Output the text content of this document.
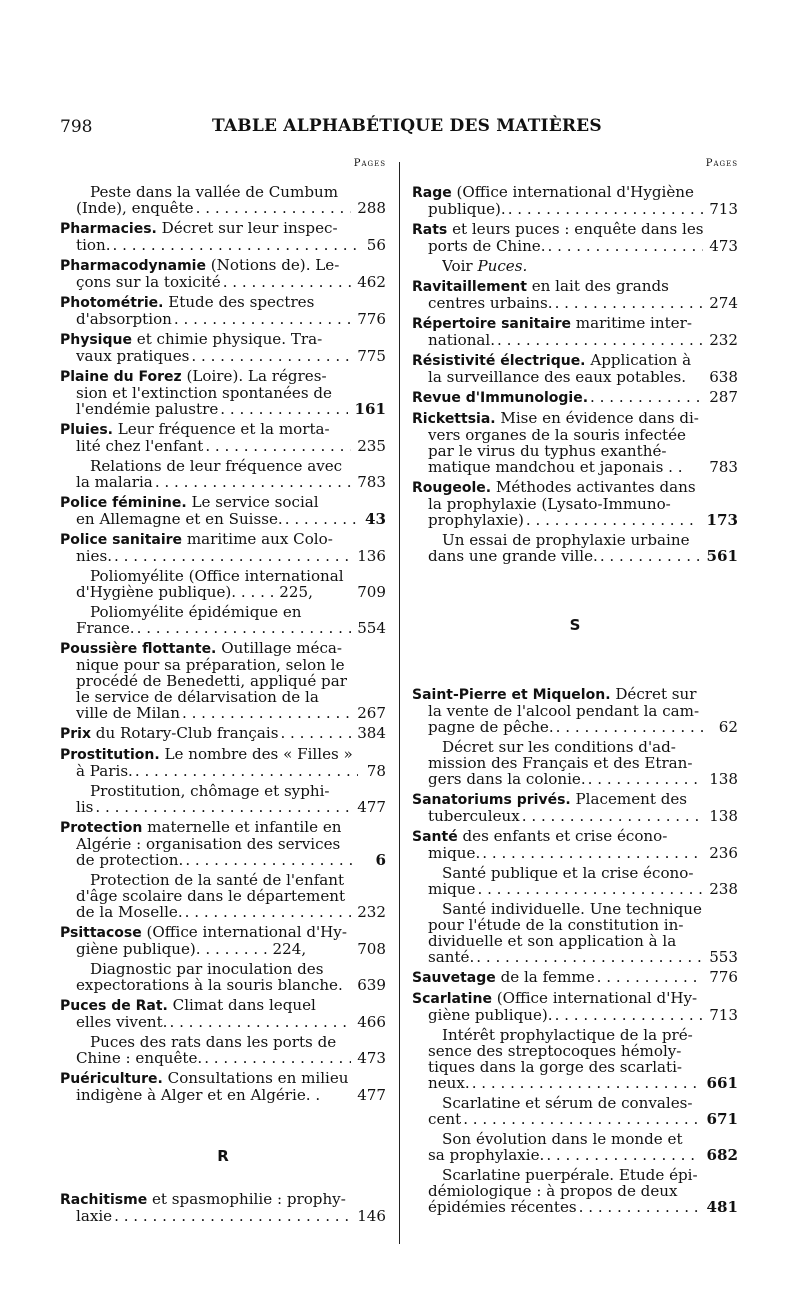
798	TABLE ALPHABÉTIQUE DES MATIÈRES
Pages
Peste dans la vallée de Cumbum
(Inde), enquête . . .	288
Pharmacies. Décret sur leur inspec-
tion. . . .	56
Pharmacodynamie (Notions de). Le-
çons sur la toxicité . . .	462
Photométrie. Etude des spectres
d'absorption . . .	776
Physique et chimie physique. Tra-
vaux pratiques . . .	775
Plaine du Forez (Loire). La régres-
sion et l'extinction spontanées de
l'endémie palustre . . .	161
Pluies. Leur fréquence et la morta-
lité chez l'enfant . . .	235
Relations de leur fréquence avec
la malaria . . .	783
Police féminine. Le service social
en Allemagne et en Suisse. . . .	43
Police sanitaire maritime aux Colo-
nies. . . .	136
Poliomyélite (Office international
d'Hygiène publique). . . . . 225,	709
Poliomyélite épidémique en
France. . . .	554
Poussière flottante. Outillage méca-
nique pour sa préparation, selon le
procédé de Benedetti, appliqué par
le service de délarvisation de la
ville de Milan . . .	267
Prix du Rotary-Club français . . .	384
Prostitution. Le nombre des « Filles »
à Paris. . . .	78
Prostitution, chômage et syphi-
lis . . .	477
Protection maternelle et infantile en
Algérie : organisation des services
de protection. . . .	6
Protection de la santé de l'enfant
d'âge scolaire dans le département
de la Moselle. . . .	232
Psittacose (Office international d'Hy-
giène publique). . . . . . . . 224,	708
Diagnostic par inoculation des
expectorations à la souris blanche. 639
Puces de Rat. Climat dans lequel
elles vivent. . . .	466
Puces des rats dans les ports de
Chine : enquête. . . .	473
Puériculture. Consultations en milieu
indigène à Alger et en Algérie. . 477
R
Rachitisme et spasmophilie : prophy-
laxie . . .	146
Pages
Rage (Office international d'Hygiène
publique). . . .	713
Rats et leurs puces : enquête dans les
ports de Chine. . . .	473
Voir Puces.
Ravitaillement en lait des grands
centres urbains. . . .	274
Répertoire sanitaire maritime inter-
national. . . .	232
Résistivité électrique. Application à
la surveillance des eaux potables. 638
Revue d'Immunologie. . . .	287
Rickettsia. Mise en évidence dans di-
vers organes de la souris infectée
par le virus du typhus exanthé-
matique mandchou et japonais . . 783
Rougeole. Méthodes activantes dans
la prophylaxie (Lysato-Immuno-
prophylaxie) . . .	173
Un essai de prophylaxie urbaine
dans une grande ville. . . .	561
S
Saint-Pierre et Miquelon. Décret sur
la vente de l'alcool pendant la cam-
pagne de pêche. . . .	62
Décret sur les conditions d'ad-
mission des Français et des Etran-
gers dans la colonie. . . .	138
Sanatoriums privés. Placement des
tuberculeux . . .	138
Santé des enfants et crise écono-
mique. . . .	236
Santé publique et la crise écono-
mique . . .	238
Santé individuelle. Une technique
pour l'étude de la constitution in-
dividuelle et son application à la
santé. . . .	553
Sauvetage de la femme . . .	776
Scarlatine (Office international d'Hy-
giène publique). . . .	713
Intérêt prophylactique de la pré-
sence des streptocoques hémoly-
tiques dans la gorge des scarlati-
neux. . . .	661
Scarlatine et sérum de convales-
cent . . .	671
Son évolution dans le monde et
sa prophylaxie. . . .	682
Scarlatine puerpérale. Etude épi-
démiologique : à propos de deux
épidémies récentes . . .	481
